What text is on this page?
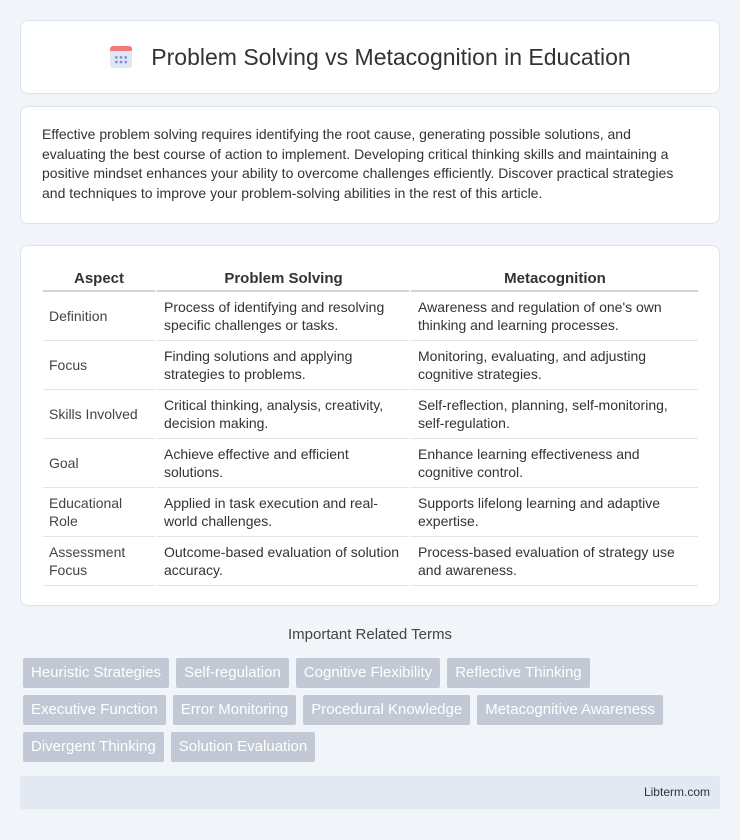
Problem Solving vs Metacognition in Education

Effective problem solving requires identifying the root cause, generating possible solutions, and evaluating the best course of action to implement. Developing critical thinking skills and maintaining a positive mindset enhances your ability to overcome challenges efficiently. Discover practical strategies and techniques to improve your problem-solving abilities in the rest of this article.

Aspect	Problem Solving	Metacognition
Definition	Process of identifying and resolving specific challenges or tasks.	Awareness and regulation of one's own thinking and learning processes.
Focus	Finding solutions and applying strategies to problems.	Monitoring, evaluating, and adjusting cognitive strategies.
Skills Involved	Critical thinking, analysis, creativity, decision making.	Self-reflection, planning, self-monitoring, self-regulation.
Goal	Achieve effective and efficient solutions.	Enhance learning effectiveness and cognitive control.
Educational Role	Applied in task execution and real-world challenges.	Supports lifelong learning and adaptive expertise.
Assessment Focus	Outcome-based evaluation of solution accuracy.	Process-based evaluation of strategy use and awareness.
Important Related Terms
Heuristic Strategies	Self-regulation	Cognitive Flexibility	Reflective Thinking
Executive Function	Error Monitoring	Procedural Knowledge	Metacognitive Awareness
Divergent Thinking	Solution Evaluation
Libterm.com
